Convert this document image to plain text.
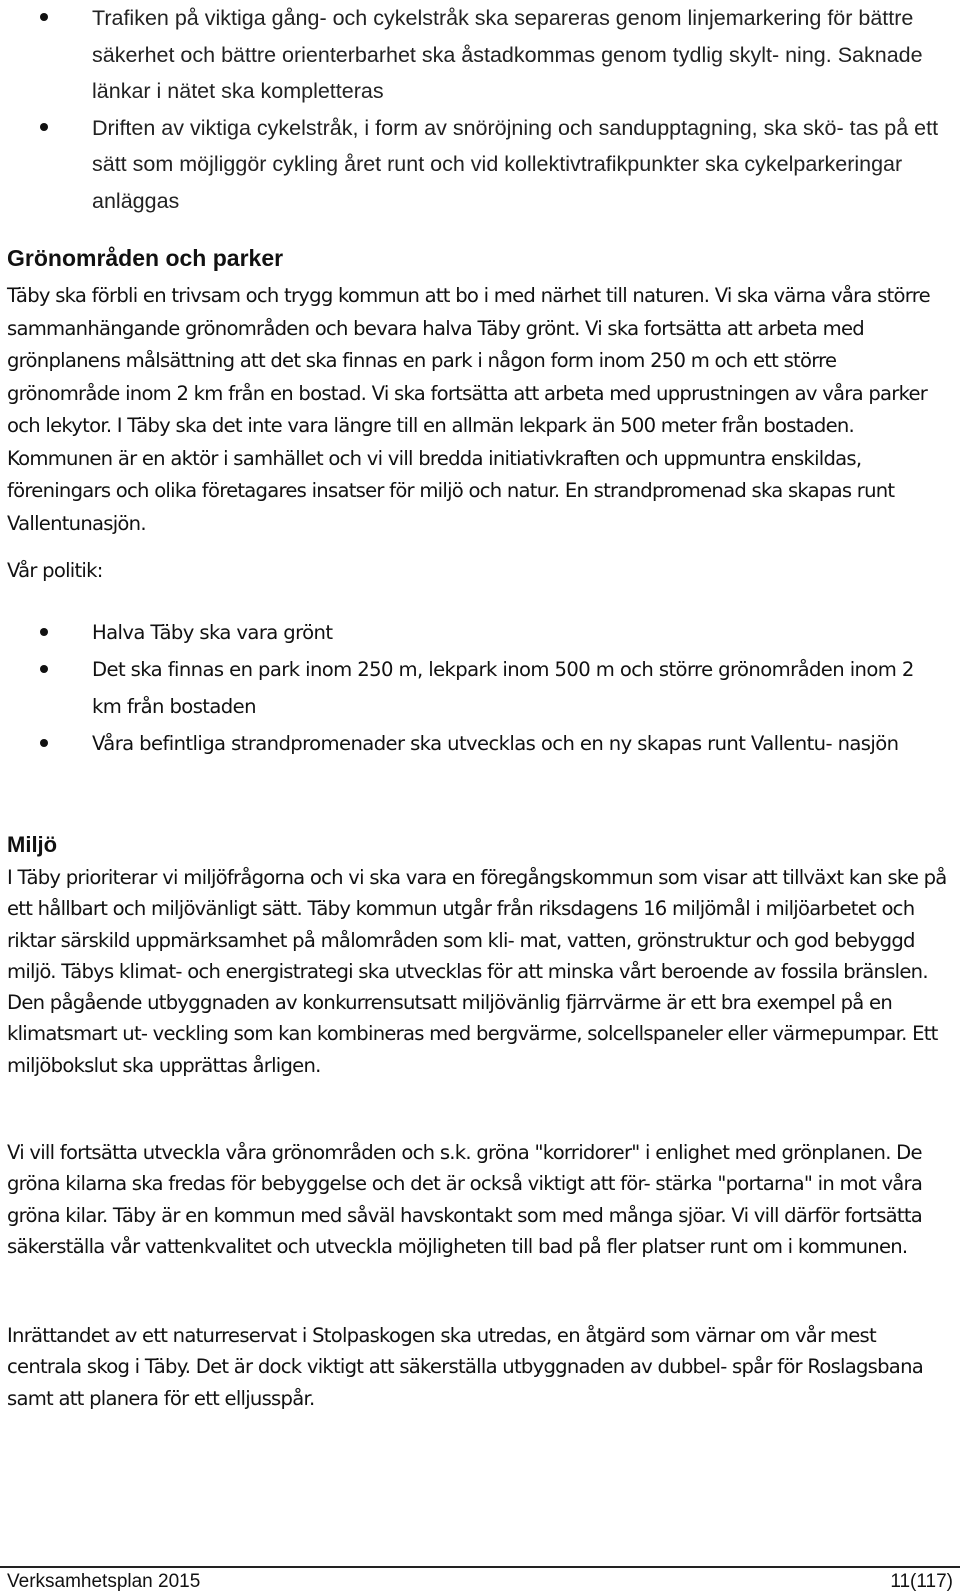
Trafiken på viktiga gång- och cykelstråk ska separeras genom linjemarkering för bättre säkerhet och bättre orienterbarhet ska åstadkommas genom tydlig skylt- ning. Saknade länkar i nätet ska kompletteras
Driften av viktiga cykelstråk, i form av snöröjning och sandupptagning, ska skö- tas på ett sätt som möjliggör cykling året runt och vid kollektivtrafikpunkter ska cykelparkeringar anläggas
Grönområden och parker

Täby ska förbli en trivsam och trygg kommun att bo i med närhet till naturen. Vi ska värna våra större sammanhängande grönområden och bevara halva Täby grönt. Vi ska fortsätta att arbeta med grönplanens målsättning att det ska finnas en park i någon form inom 250 m och ett större grönområde inom 2 km från en bostad. Vi ska fortsätta att arbeta med upprustningen av våra parker och lekytor. I Täby ska det inte vara längre till en allmän lekpark än 500 meter från bostaden. Kommunen är en aktör i samhället och vi vill bredda initiativkraften och uppmuntra enskildas, föreningars och olika företagares insatser för miljö och natur. En strandpromenad ska skapas runt Vallentunasjön.

Vår politik:

Halva Täby ska vara grönt
Det ska finnas en park inom 250 m, lekpark inom 500 m och större grönområden inom 2 km från bostaden
Våra befintliga strandpromenader ska utvecklas och en ny skapas runt Vallentu- nasjön
Miljö

I Täby prioriterar vi miljöfrågorna och vi ska vara en föregångskommun som visar att tillväxt kan ske på ett hållbart och miljövänligt sätt. Täby kommun utgår från riksdagens 16 miljömål i miljöarbetet och riktar särskild uppmärksamhet på målområden som kli- mat, vatten, grönstruktur och god bebyggd miljö. Täbys klimat- och energistrategi ska utvecklas för att minska vårt beroende av fossila bränslen. Den pågående utbyggnaden av konkurrensutsatt miljövänlig fjärrvärme är ett bra exempel på en klimatsmart ut- veckling som kan kombineras med bergvärme, solcellspaneler eller värmepumpar. Ett miljöbokslut ska upprättas årligen.

Vi vill fortsätta utveckla våra grönområden och s.k. gröna "korridorer" i enlighet med grönplanen. De gröna kilarna ska fredas för bebyggelse och det är också viktigt att för- stärka "portarna" in mot våra gröna kilar. Täby är en kommun med såväl havskontakt som med många sjöar. Vi vill därför fortsätta säkerställa vår vattenkvalitet och utveckla möjligheten till bad på fler platser runt om i kommunen.

Inrättandet av ett naturreservat i Stolpaskogen ska utredas, en åtgärd som värnar om vår mest centrala skog i Täby. Det är dock viktigt att säkerställa utbyggnaden av dubbel- spår för Roslagsbana samt att planera för ett elljusspår.

Verksamhetsplan 2015	11(117)
